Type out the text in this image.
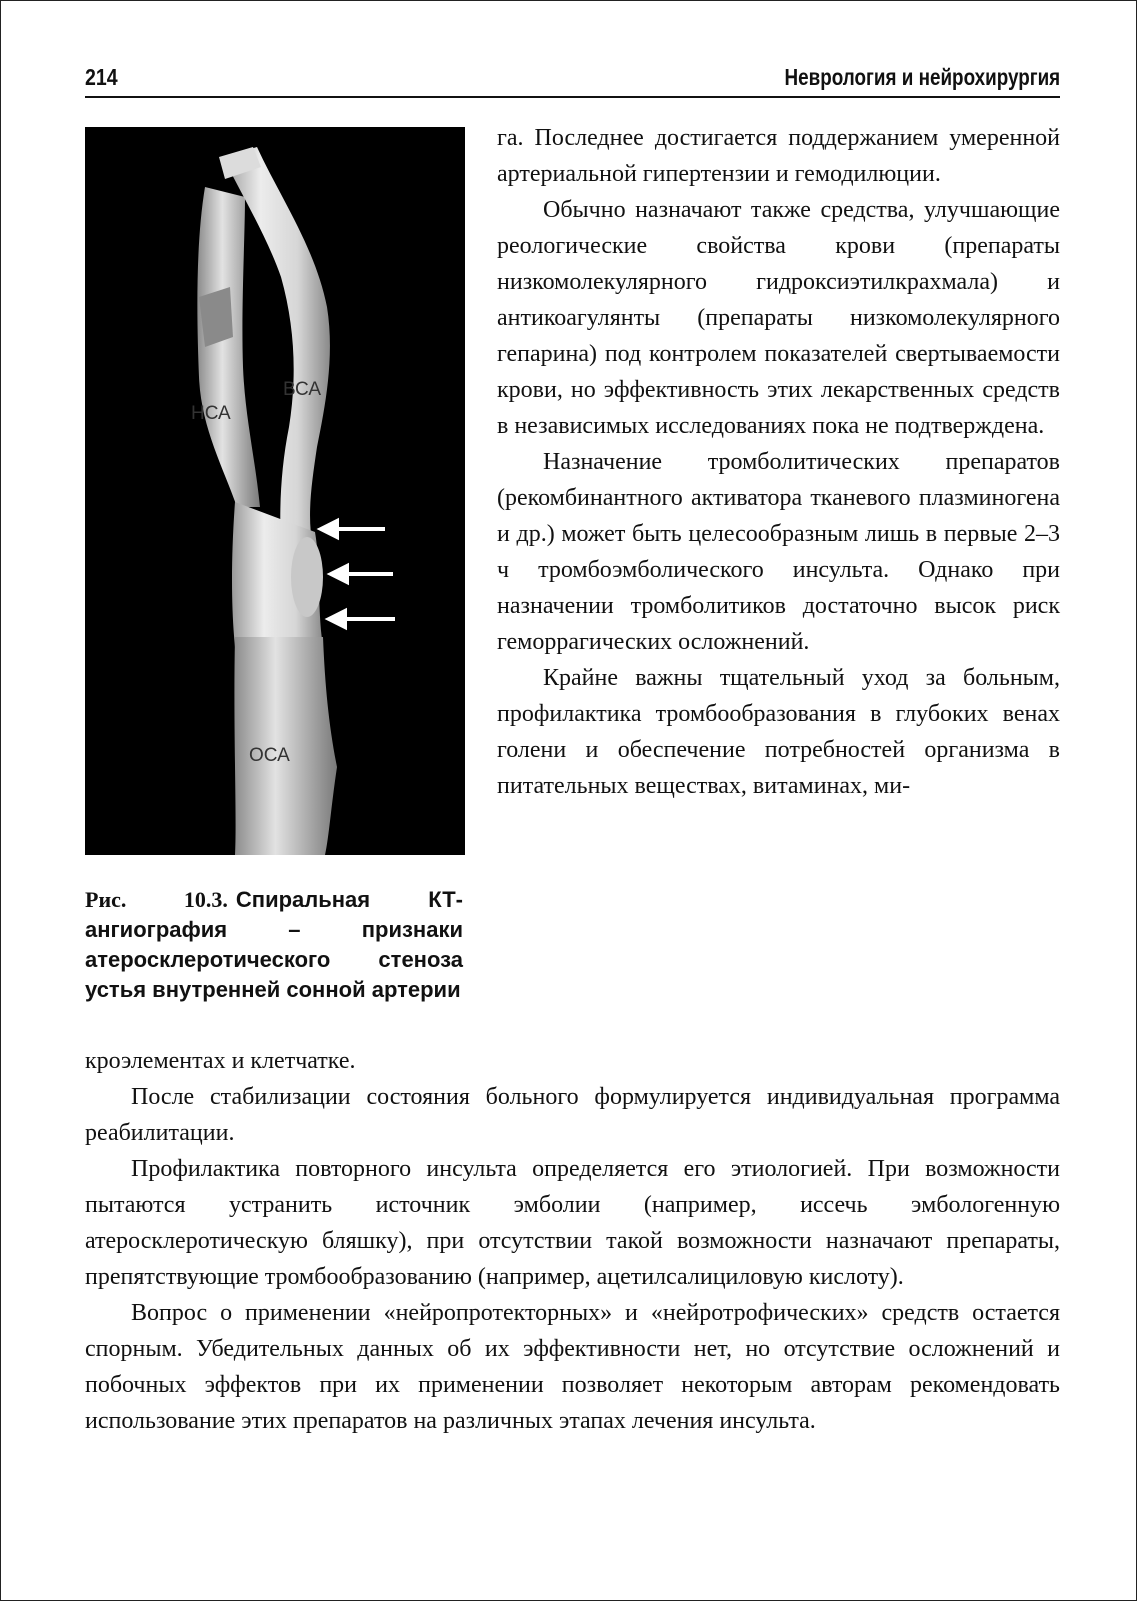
214	Неврология и нейрохирургия
ВСА
НСА
ОСА
Рис. 10.3. Спиральная КТ-ангиография – признаки атеросклеротического стеноза устья внутренней сонной артерии

га. Последнее достигается поддержанием умеренной артериальной гипертензии и гемодилюции.

Обычно назначают также средства, улучшающие реологические свойства крови (препараты низкомолекулярного гидроксиэтилкрахмала) и антикоагулянты (препараты низкомолекулярного гепарина) под контролем показателей свертываемости крови, но эффективность этих лекарственных средств в независимых исследованиях пока не подтверждена.

Назначение тромболитических препаратов (рекомбинантного активатора тканевого плазминогена и др.) может быть целесообразным лишь в первые 2–3 ч тромбоэмболического инсульта. Однако при назначении тромболитиков достаточно высок риск геморрагических осложнений.

Крайне важны тщательный уход за больным, профилактика тромбообразования в глубоких венах голени и обеспечение потребностей организма в питательных веществах, витаминах, ми-

кроэлементах и клетчатке.

После стабилизации состояния больного формулируется индивидуальная программа реабилитации.

Профилактика повторного инсульта определяется его этиологией. При возможности пытаются устранить источник эмболии (например, иссечь эмбологенную атеросклеротическую бляшку), при отсутствии такой возможности назначают препараты, препятствующие тромбообразованию (например, ацетилсалициловую кислоту).

Вопрос о применении «нейропротекторных» и «нейротрофических» средств остается спорным. Убедительных данных об их эффективности нет, но отсутствие осложнений и побочных эффектов при их применении позволяет некоторым авторам рекомендовать использование этих препаратов на различных этапах лечения инсульта.
